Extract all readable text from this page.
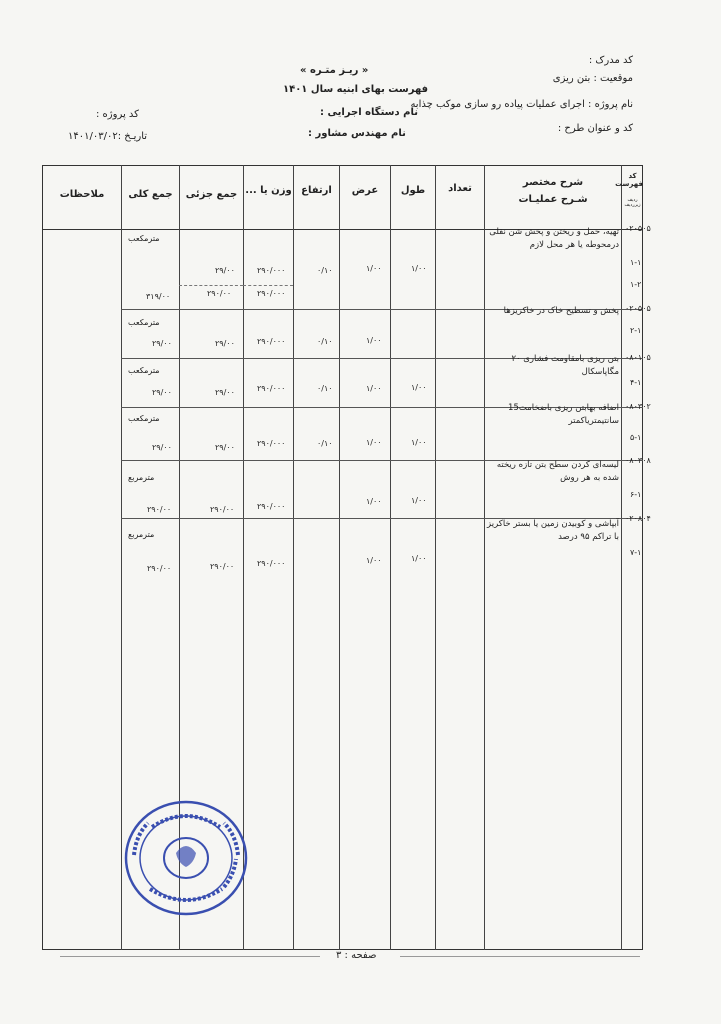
کد مدرک :
« ریـز متـره »
موقعیت : بتن ریزی
فهرست بهای ابنیه سال ۱۴۰۱
نام پروژه : اجرای عملیات پیاده رو سازی موکب چذابه
نام دستگاه اجرایی :
کد پروژه :
کد و عنوان طرح :
نام مهندس مشاور :
تاریـخ :۱۴۰۱/۰۳/۰۲
کد فهرست
ردیف زیرردیف
شرح مختصر
شـرح عملیـات
تعداد
طول
عرض
ارتفاع
وزن یا ...
جمع جزئی
جمع کلی
ملاحظات
۰۲۰۵۰۵
۱-۱
۱-۲
تهیه، حمل و ریختن و پخش شن نقلی درمحوطه یا هر محل لازم
مترمکعب
۱/۰۰
۱/۰۰
۰/۱۰
۲۹۰/۰۰۰
۲۹۰/۰۰۰
۲۹/۰۰
۲۹۰/۰۰
۳۱۹/۰۰
۰۲۰۵۰۵
۲-۱
پخش و تسطیح خاک در خاکریزها
مترمکعب
۱/۰۰
۰/۱۰
۲۹۰/۰۰۰
۲۹/۰۰
۲۹/۰۰
۰۸۰۱۰۵
۴-۱
بتن ریزی بامقاومت فشاری ۲۰ مگاپاسکال
مترمکعب
۱/۰۰
۱/۰۰
۰/۱۰
۲۹۰/۰۰۰
۲۹/۰۰
۲۹/۰۰
۰۸۰۳۰۲
۵-۱
اضافه بهابتن ریزی باضخامت15 سانتیمتریاکمتر
مترمکعب
۱/۰۰
۱/۰۰
۰/۱۰
۲۹۰/۰۰۰
۲۹/۰۰
۲۹/۰۰
۰۸۰۳۰۸
۶-۱
لیسه‌ای کردن سطح بتن تازه ریخته شده به هر روش
مترمربع
۱/۰۰
۱/۰۰
۲۹۰/۰۰۰
۲۹۰/۰۰
۲۹۰/۰۰
۰۲۰۸۰۴
۷-۱
آبپاشی و کوبیدن زمین یا بستر خاکریز با تراکم ۹۵ درصد
مترمربع
۱/۰۰
۱/۰۰
۲۹۰/۰۰۰
۲۹۰/۰۰
۲۹۰/۰۰
صفحه : ۳
